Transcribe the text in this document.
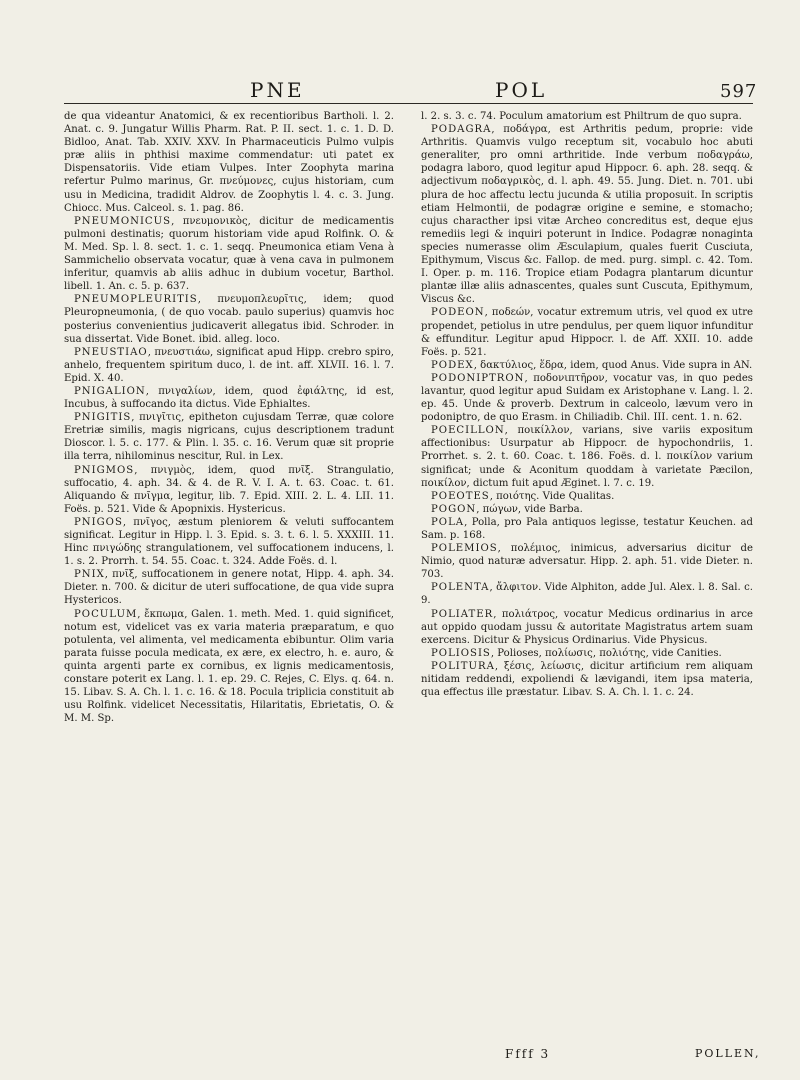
PNE	POL	597

de qua videantur Anatomici, & ex recentioribus Bartholi. l. 2. Anat. c. 9. Jungatur Willis Pharm. Rat. P. II. sect. 1. c. 1. D. D. Bidloo, Anat. Tab. XXIV. XXV. In Pharmaceuticis Pulmo vulpis præ aliis in phthisi maxime commendatur: uti patet ex Dispensatoriis. Vide etiam Vulpes. Inter Zoophyta marina refertur Pulmo marinus, Gr. πνεύμονες, cujus historiam, cum usu in Medicina, tradidit Aldrov. de Zoophytis l. 4. c. 3. Jung. Chiocc. Mus. Calceol. s. 1. pag. 86.

PNEUMONICUS, πνευμονικὸς, dicitur de medicamentis pulmoni destinatis; quorum historiam vide apud Rolfink. O. & M. Med. Sp. l. 8. sect. 1. c. 1. seqq. Pneumonica etiam Vena à Sammichelio observata vocatur, quæ à vena cava in pulmonem inferitur, quamvis ab aliis adhuc in dubium vocetur, Barthol. libell. 1. An. c. 5. p. 637.

PNEUMOPLEURITIS, πνευμοπλευρῖτις, idem; quod Pleuropneumonia, ( de quo vocab. paulo superius) quamvis hoc posterius convenientius judicaverit allegatus ibid. Schroder. in sua dissertat. Vide Bonet. ibid. alleg. loco.

PNEUSTIAO, πνευστιάω, significat apud Hipp. crebro spiro, anhelo, frequentem spiritum duco, l. de int. aff. XLVII. 16. l. 7. Epid. X. 40.

PNIGALION, πνιγαλίων, idem, quod ἐφιάλτης, id est, Incubus, à suffocando ita dictus. Vide Ephialtes.

PNIGITIS, πνιγῖτις, epitheton cujusdam Terræ, quæ colore Eretriæ similis, magis nigricans, cujus descriptionem tradunt Dioscor. l. 5. c. 177. & Plin. l. 35. c. 16. Verum quæ sit proprie illa terra, nihilominus nescitur, Rul. in Lex.

PNIGMOS, πνιγμὸς, idem, quod πνῖξ. Strangulatio, suffocatio, 4. aph. 34. & 4. de R. V. I. A. t. 63. Coac. t. 61. Aliquando & πνῖγμα, legitur, lib. 7. Epid. XIII. 2. L. 4. LII. 11. Foës. p. 521. Vide & Apopnixis. Hystericus.

PNIGOS, πνῖγος, æstum pleniorem & veluti suffocantem significat. Legitur in Hipp. l. 3. Epid. s. 3. t. 6. l. 5. XXXIII. 11. Hinc πνιγώδης strangulationem, vel suffocationem inducens, l. 1. s. 2. Prorrh. t. 54. 55. Coac. t. 324. Adde Foës. d. l.

PNIX, πνῖξ, suffocationem in genere notat, Hipp. 4. aph. 34. Dieter. n. 700. & dicitur de uteri suffocatione, de qua vide supra Hystericos.

POCULUM, ἔκπωμα, Galen. 1. meth. Med. 1. quid significet, notum est, videlicet vas ex varia materia præparatum, e quo potulenta, vel alimenta, vel medicamenta ebibuntur. Olim varia parata fuisse pocula medicata, ex ære, ex electro, h. e. auro, & quinta argenti parte ex cornibus, ex lignis medicamentosis, constare poterit ex Lang. l. 1. ep. 29. C. Rejes, C. Elys. q. 64. n. 15. Libav. S. A. Ch. l. 1. c. 16. & 18. Pocula triplicia constituit ab usu Rolfink. videlicet Necessitatis, Hilaritatis, Ebrietatis, O. & M. M. Sp.

l. 2. s. 3. c. 74. Poculum amatorium est Philtrum de quo supra.

PODAGRA, ποδάγρα, est Arthritis pedum, proprie: vide Arthritis. Quamvis vulgo receptum sit, vocabulo hoc abuti generaliter, pro omni arthritide. Inde verbum ποδαγράω, podagra laboro, quod legitur apud Hippocr. 6. aph. 28. seqq. & adjectivum ποδαγρικὸς, d. l. aph. 49. 55. Jung. Diet. n. 701. ubi plura de hoc affectu lectu jucunda & utilia proposuit. In scriptis etiam Helmontii, de podagræ origine e semine, e stomacho; cujus characther ipsi vitæ Archeo concreditus est, deque ejus remediis legi & inquiri poterunt in Indice. Podagræ nonaginta species numerasse olim Æsculapium, quales fuerit Cusciuta, Epithymum, Viscus &c. Fallop. de med. purg. simpl. c. 42. Tom. I. Oper. p. m. 116. Tropice etiam Podagra plantarum dicuntur plantæ illæ aliis adnascentes, quales sunt Cuscuta, Epithymum, Viscus &c.

PODEON, ποδεών, vocatur extremum utris, vel quod ex utre propendet, petiolus in utre pendulus, per quem liquor infunditur & effunditur. Legitur apud Hippocr. l. de Aff. XXII. 10. adde Foës. p. 521.

PODEX, δακτύλιος, ἕδρα, idem, quod Anus. Vide supra in AN.

PODONIPTRON, ποδονιπτῆρον, vocatur vas, in quo pedes lavantur, quod legitur apud Suidam ex Aristophane v. Lang. l. 2. ep. 45. Unde & proverb. Dextrum in calceolo, lævum vero in podoniptro, de quo Erasm. in Chiliadib. Chil. III. cent. 1. n. 62.

POECILLON, ποικίλλον, varians, sive variis expositum affectionibus: Usurpatur ab Hippocr. de hypochondriis, 1. Prorrhet. s. 2. t. 60. Coac. t. 186. Foës. d. l. ποικίλον varium significat; unde & Aconitum quoddam à varietate Pæcilon, ποικίλον, dictum fuit apud Æginet. l. 7. c. 19.

POEOTES, ποιότης. Vide Qualitas.

POGON, πώγων, vide Barba.

POLA, Polla, pro Pala antiquos legisse, testatur Keuchen. ad Sam. p. 168.

POLEMIOS, πολέμιος, inimicus, adversarius dicitur de Nimio, quod naturæ adversatur. Hipp. 2. aph. 51. vide Dieter. n. 703.

POLENTA, ἄλφιτον. Vide Alphiton, adde Jul. Alex. l. 8. Sal. c. 9.

POLIATER, πολιάτρος, vocatur Medicus ordinarius in arce aut oppido quodam jussu & autoritate Magistratus artem suam exercens. Dicitur & Physicus Ordinarius. Vide Physicus.

POLIOSIS, Polioses, πολίωσις, πολιότης, vide Canities.

POLITURA, ξέσις, λείωσις, dicitur artificium rem aliquam nitidam reddendi, expoliendi & lævigandi, item ipsa materia, qua effectus ille præstatur. Libav. S. A. Ch. l. 1. c. 24.

Ffff 3	POLLEN,
